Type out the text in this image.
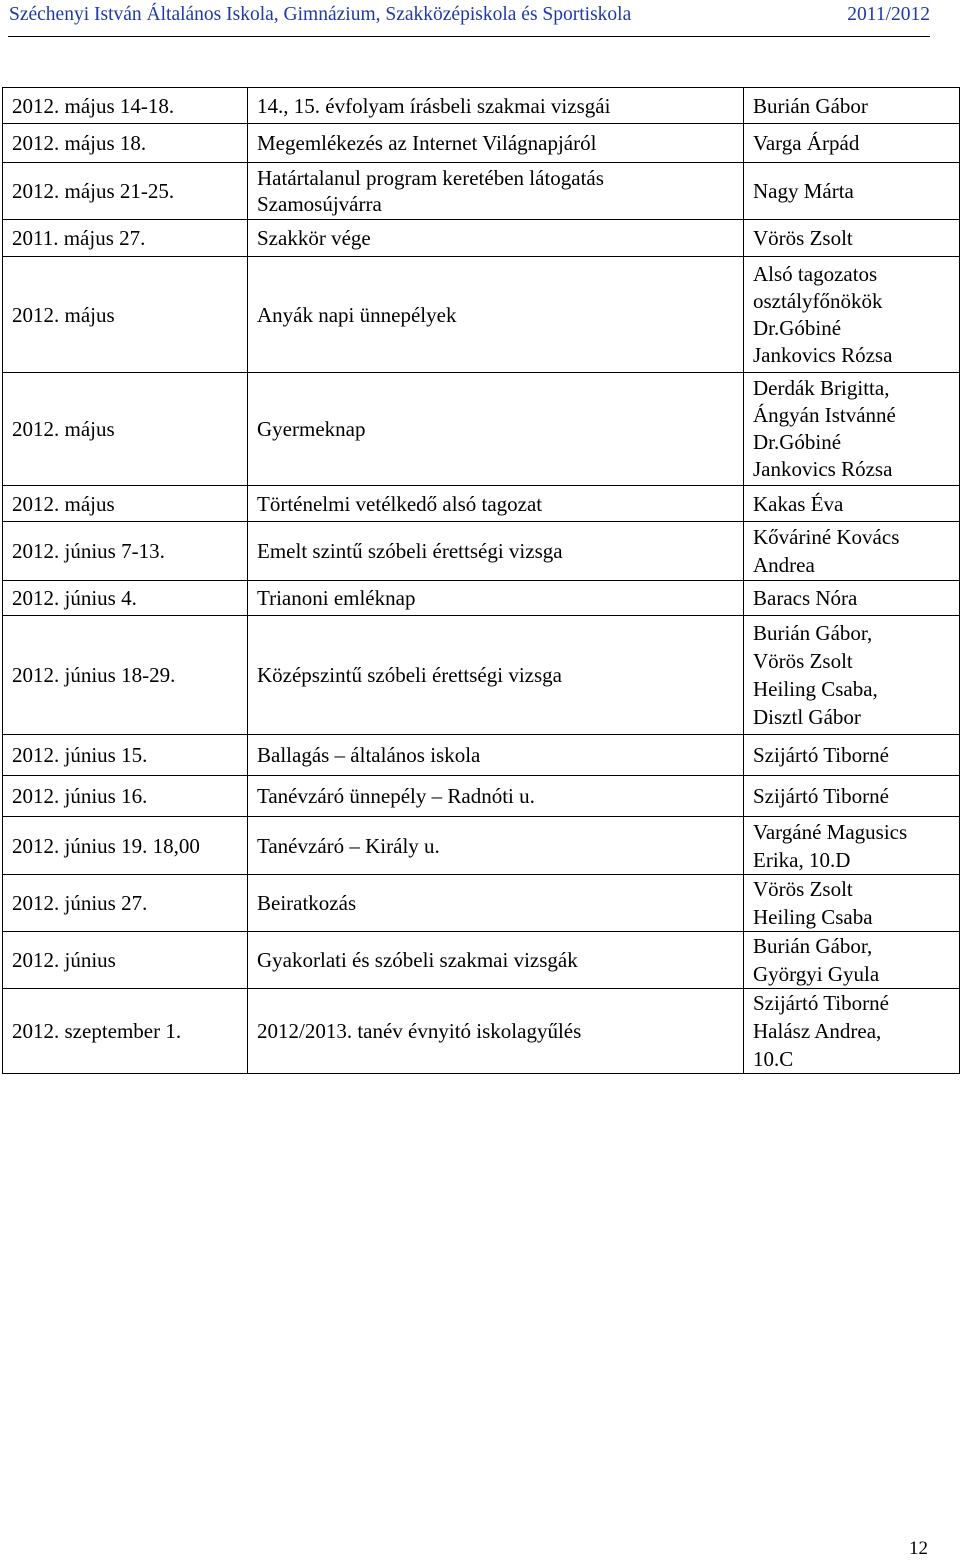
Széchenyi István Általános Iskola, Gimnázium, Szakközépiskola és Sportiskola	2011/2012
2012. május 14-18.	14., 15. évfolyam írásbeli szakmai vizsgái	Burián Gábor
2012. május 18.	Megemlékezés az Internet Világnapjáról	Varga Árpád
2012. május 21-25.	Határtalanul program keretében látogatás
Szamosújvárra	Nagy Márta
2011. május 27.	Szakkör vége	Vörös Zsolt
2012. május	Anyák napi ünnepélyek	Alsó tagozatos
osztályfőnökök
Dr.Góbiné
Jankovics Rózsa
2012. május	Gyermeknap	Derdák Brigitta,
Ángyán Istvánné
Dr.Góbiné
Jankovics Rózsa
2012. május	Történelmi vetélkedő alsó tagozat	Kakas Éva
2012. június 7-13.	Emelt szintű szóbeli érettségi vizsga	Kőváriné Kovács
Andrea
2012. június 4.	Trianoni emléknap	Baracs Nóra
2012. június 18-29.	Középszintű szóbeli érettségi vizsga	Burián Gábor,
Vörös Zsolt
Heiling Csaba,
Disztl Gábor
2012. június 15.	Ballagás – általános iskola	Szijártó Tiborné
2012. június 16.	Tanévzáró ünnepély – Radnóti u.	Szijártó Tiborné
2012. június 19. 18,00	Tanévzáró – Király u.	Vargáné Magusics
Erika, 10.D
2012. június 27.	Beiratkozás	Vörös Zsolt
Heiling Csaba
2012. június	Gyakorlati és szóbeli szakmai vizsgák	Burián Gábor,
Györgyi Gyula
2012. szeptember 1.	2012/2013. tanév évnyitó iskolagyűlés	Szijártó Tiborné
Halász Andrea,
10.C
12
